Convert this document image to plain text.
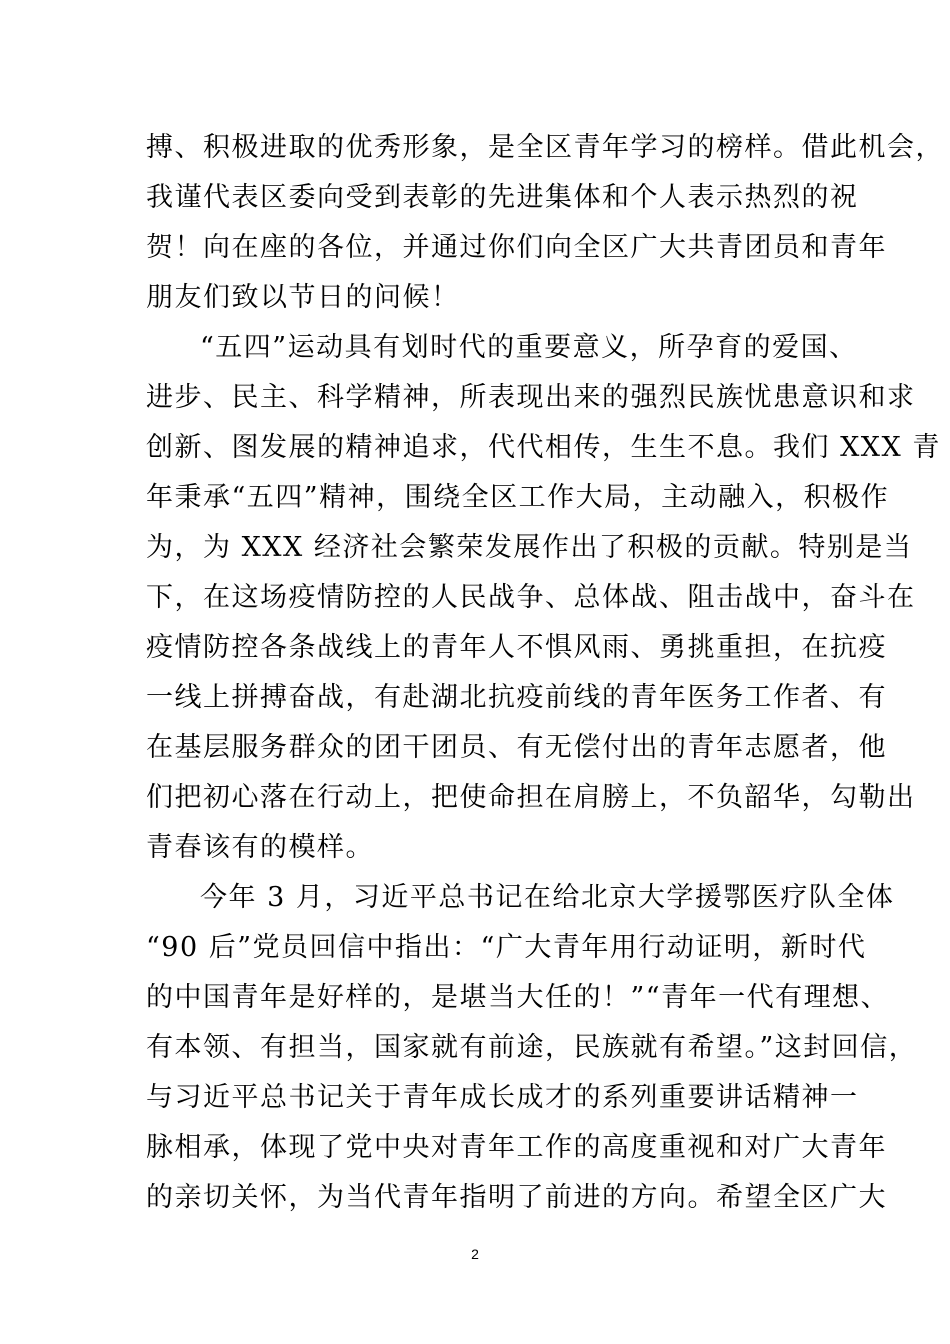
搏、积极进取的优秀形象，是全区青年学习的榜样。借此机会，
我谨代表区委向受到表彰的先进集体和个人表示热烈的祝
贺！向在座的各位，并通过你们向全区广大共青团员和青年
朋友们致以节日的问候！
“五四”运动具有划时代的重要意义，所孕育的爱国、
进步、民主、科学精神，所表现出来的强烈民族忧患意识和求
创新、图发展的精神追求，代代相传，生生不息。我们 XXX 青
年秉承“五四”精神，围绕全区工作大局，主动融入，积极作
为，为 XXX 经济社会繁荣发展作出了积极的贡献。特别是当
下，在这场疫情防控的人民战争、总体战、阻击战中，奋斗在
疫情防控各条战线上的青年人不惧风雨、勇挑重担，在抗疫
一线上拼搏奋战，有赴湖北抗疫前线的青年医务工作者、有
在基层服务群众的团干团员、有无偿付出的青年志愿者，他
们把初心落在行动上，把使命担在肩膀上，不负韶华，勾勒出
青春该有的模样。
今年 3 月，习近平总书记在给北京大学援鄂医疗队全体
“90 后”党员回信中指出：“广大青年用行动证明，新时代
的中国青年是好样的，是堪当大任的！”“青年一代有理想、
有本领、有担当，国家就有前途，民族就有希望。”这封回信，
与习近平总书记关于青年成长成才的系列重要讲话精神一
脉相承，体现了党中央对青年工作的高度重视和对广大青年
的亲切关怀，为当代青年指明了前进的方向。希望全区广大
2
